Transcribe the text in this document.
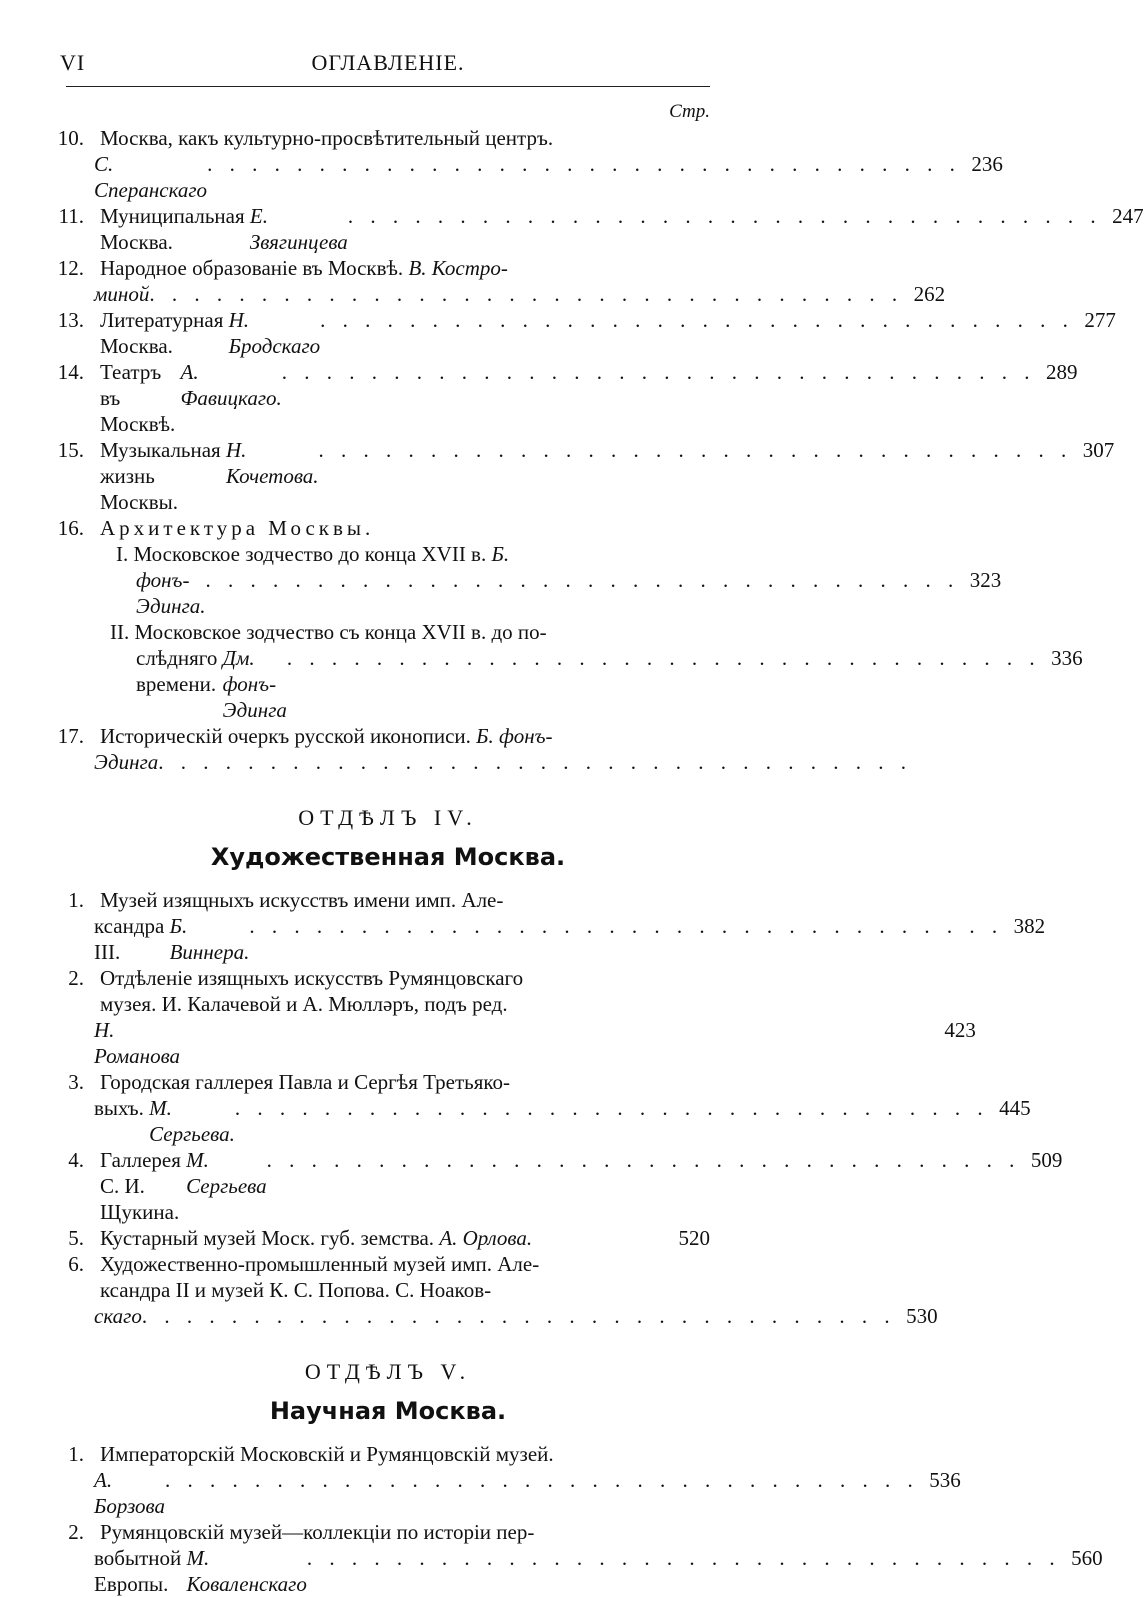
VI	ОГЛАВЛЕНIЕ.
Стр.
10. Москва, какъ культурно-просвѣтительный центръ.
С. Сперанскаго
. . . . . . . . . . . . . . . . . . . . . . . . . . . . . . . . . . 236
11. Муниципальная Москва.

Е. Звягинцева
. . . . . . . . . . . . . . . . . . . . . . . . . . . . . . . . . . 247
12. Народное образованiе въ Москвѣ. В. Костро-
миной . . . . . . . . . . . . . . . . . . . . . . . . . . . . . . . . . . 262
13. Литературная Москва.

Н. Бродскаго
. . . . . . . . . . . . . . . . . . . . . . . . . . . . . . . . . . 277
14. Театръ въ Москвѣ.

А. Фавицкаго.
. . . . . . . . . . . . . . . . . . . . . . . . . . . . . . . . . . 289
15. Музыкальная жизнь Москвы.

Н. Кочетова.
. . . . . . . . . . . . . . . . . . . . . . . . . . . . . . . . . . 307
16. Архитектура Москвы.
I. Московское зодчество до конца XVII в. Б.
фонъ-Эдинга.
. . . . . . . . . . . . . . . . . . . . . . . . . . . . . . . . . . 323
II. Московское зодчество съ конца XVII в. до по-
слѣдняго времени.

Дм. фонъ-Эдинга
. . . . . . . . . . . . . . . . . . . . . . . . . . . . . . . . . . 336
17. Историческiй очеркъ русской иконописи. Б. фонъ-
Эдинга . . . . . . . . . . . . . . . . . . . . . . . . . . . . . . . . . .
ОТДѢЛЪ IV.
Художественная Москва.
1. Музей изящныхъ искусствъ имени имп. Але-
ксандра III.

Б. Виннера.
. . . . . . . . . . . . . . . . . . . . . . . . . . . . . . . . . . 382
2. Отдѣленiе изящныхъ искусствъ Румянцовскаго
музея. И. Калачевой и А. Мюлләръ, подъ ред.
Н. Романова
423
3. Городская галлерея Павла и Сергѣя Третьяко-
выхъ.
М. Сергьева.
. . . . . . . . . . . . . . . . . . . . . . . . . . . . . . . . . . 445
4. Галлерея С. И. Щукина.

М. Сергьева
. . . . . . . . . . . . . . . . . . . . . . . . . . . . . . . . . . 509
5. Кустарный музей Моск. губ. земства.
А. Орлова.	520
6. Художественно-промышленный музей имп. Але-
ксандра II и музей К. С. Попова. С. Ноаков-
скаго . . . . . . . . . . . . . . . . . . . . . . . . . . . . . . . . . . 530
ОТДѢЛЪ V.
Научная Москва.
1. Императорскiй Московскiй и Румянцовскiй музей.
А. Борзова
. . . . . . . . . . . . . . . . . . . . . . . . . . . . . . . . . . 536
2. Румянцовскiй музей—коллекцiи по исторiи пер-
вобытной Европы.

М. Коваленскаго
. . . . . . . . . . . . . . . . . . . . . . . . . . . . . . . . . . 560
